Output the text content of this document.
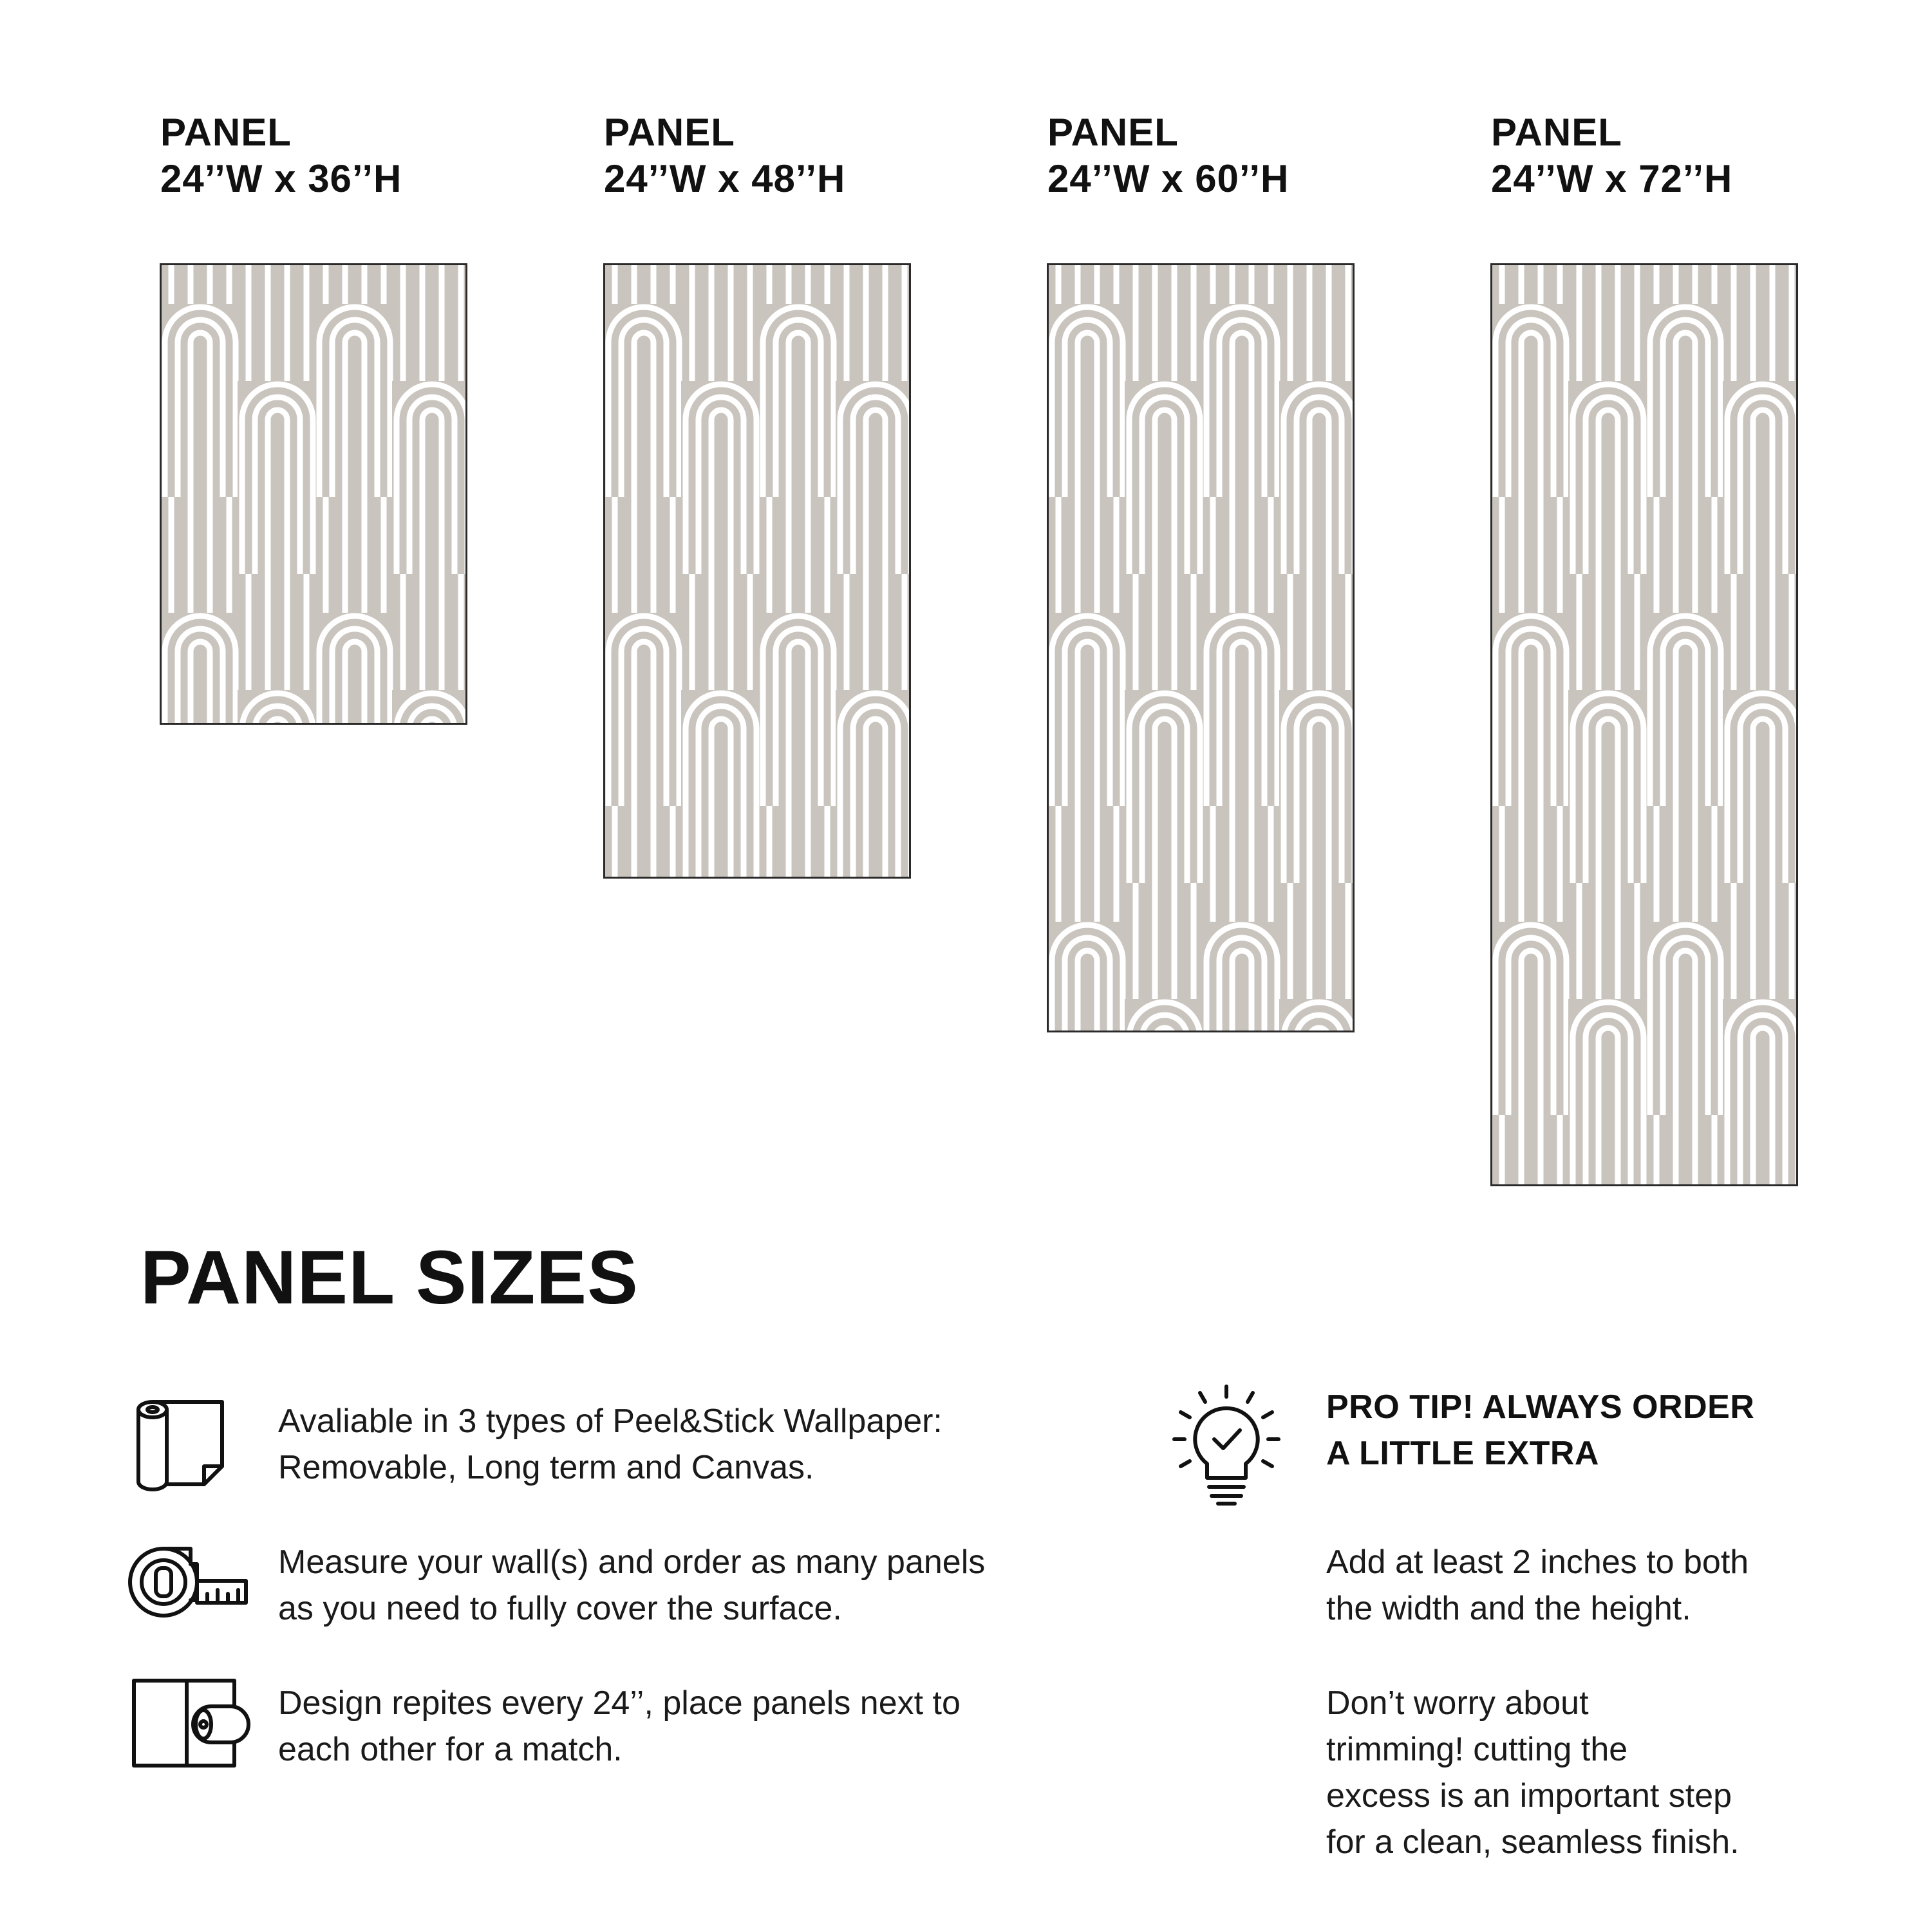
PANEL
24’’W x 36’’H
PANEL
24’’W x 48’’H
PANEL
24’’W x 60’’H
PANEL
24’’W x 72’’H
PANEL SIZES
Avaliable in 3 types of Peel&Stick Wallpaper:
Removable, Long term and Canvas.
Measure your wall(s) and order as many panels
as you need to fully cover the surface.
Design repites every 24’’, place panels next to
each other for a match.
PRO TIP! ALWAYS ORDER
A LITTLE EXTRA
Add at least 2 inches to both
the width and the height.
Don’t worry about
trimming! cutting the
excess is an important step
for a clean, seamless finish.
